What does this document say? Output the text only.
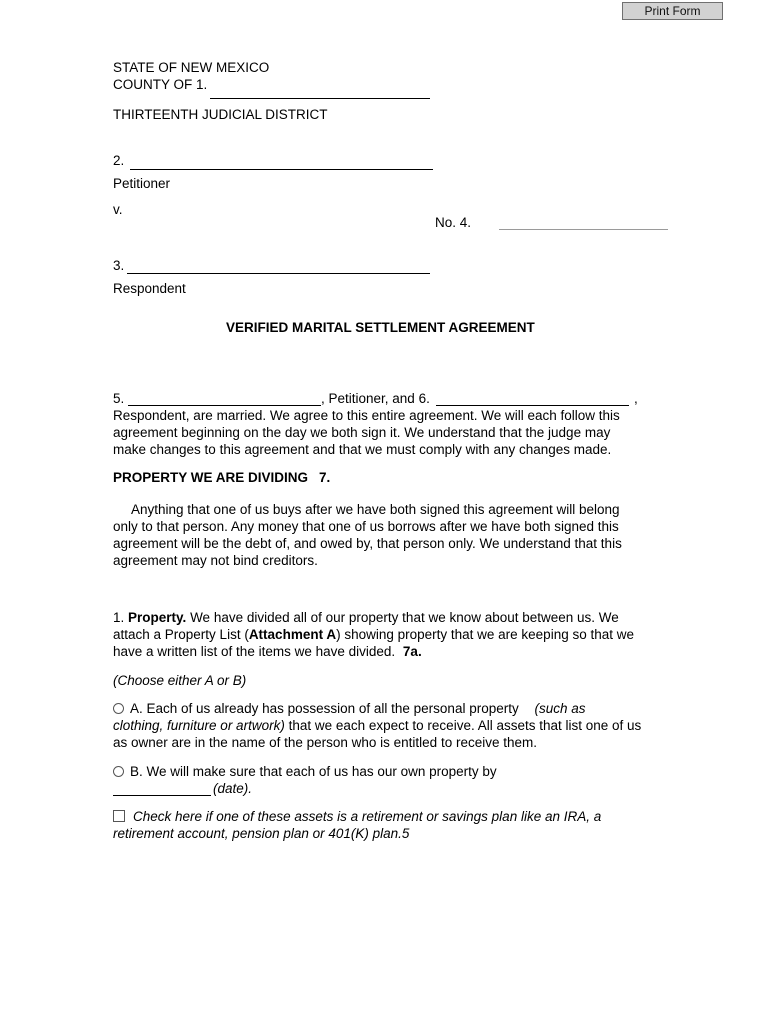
Print Form
STATE OF NEW MEXICO
COUNTY OF 1.
THIRTEENTH JUDICIAL DISTRICT
2.
Petitioner
v.
No. 4.
3.
Respondent
VERIFIED MARITAL SETTLEMENT AGREEMENT
5.	, Petitioner, and 6.	,
Respondent, are married. We agree to this entire agreement. We will each follow this
agreement beginning on the day we both sign it. We understand that the judge may
make changes to this agreement and that we must comply with any changes made.
PROPERTY WE ARE DIVIDING 7.
Anything that one of us buys after we have both signed this agreement will belong
only to that person. Any money that one of us borrows after we have both signed this
agreement will be the debt of, and owed by, that person only. We understand that this
agreement may not bind creditors.
1. Property. We have divided all of our property that we know about between us. We
attach a Property List (Attachment A) showing property that we are keeping so that we
have a written list of the items we have divided. 7a.
(Choose either A or B)
A. Each of us already has possession of all the personal property (such as
clothing, furniture or artwork) that we each expect to receive. All assets that list one of us
as owner are in the name of the person who is entitled to receive them.
B. We will make sure that each of us has our own property by
(date).
Check here if one of these assets is a retirement or savings plan like an IRA, a
retirement account, pension plan or 401(K) plan.5
